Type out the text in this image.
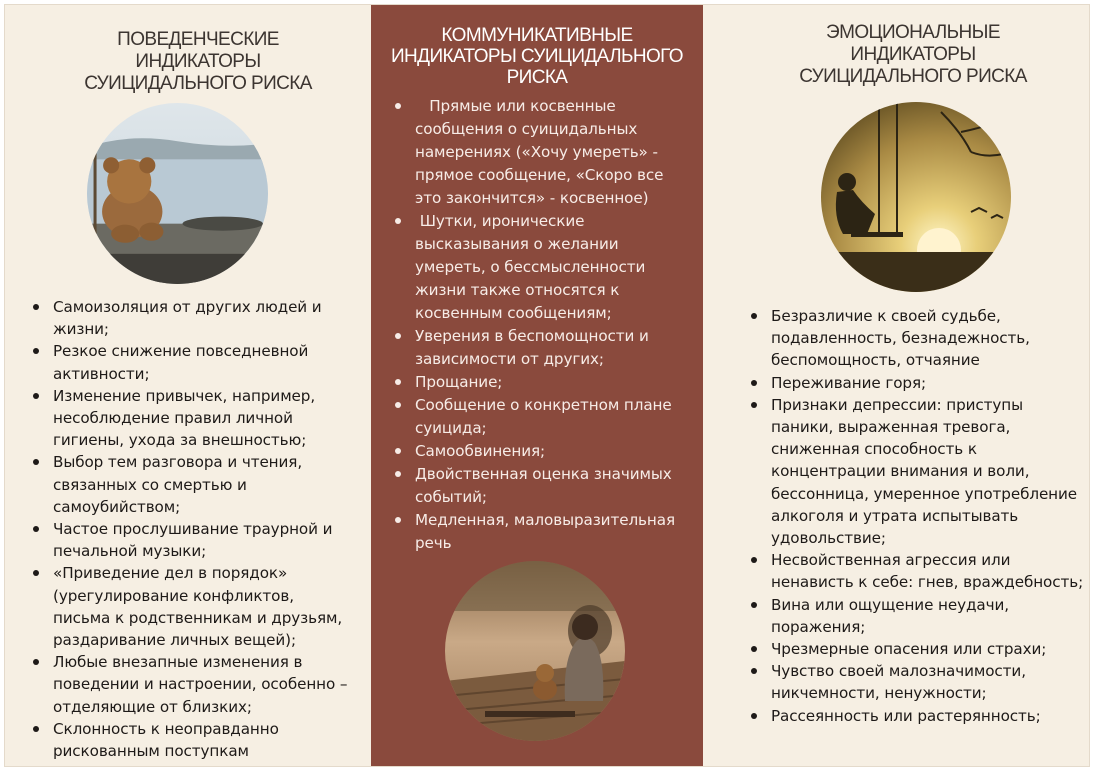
ПОВЕДЕНЧЕСКИЕ
ИНДИКАТОРЫ
СУИЦИДАЛЬНОГО РИСКА
Самоизоляция от других людей и жизни;
Резкое снижение повседневной активности;
Изменение привычек, например, несоблюдение правил личной гигиены, ухода за внешностью;
Выбор тем разговора и чтения, связанных со смертью и самоубийством;
Частое прослушивание траурной и печальной музыки;
«Приведение дел в порядок» (урегулирование конфликтов, письма к родственникам и друзьям, раздаривание личных вещей);
Любые внезапные изменения в поведении и настроении, особенно – отделяющие от близких;
Склонность к неоправданно рискованным поступкам
КОММУНИКАТИВНЫЕ
ИНДИКАТОРЫ СУИЦИДАЛЬНОГО
РИСКА
Прямые или косвенные сообщения о суицидальных намерениях («Хочу умереть» - прямое сообщение, «Скоро все это закончится» - косвенное)
Шутки, иронические высказывания о желании умереть, о бессмысленности жизни также относятся к косвенным сообщениям;
Уверения в беспомощности и зависимости от других;
Прощание;
Сообщение о конкретном плане суицида;
Самообвинения;
Двойственная оценка значимых событий;
Медленная, маловыразительная речь
ЭМОЦИОНАЛЬНЫЕ
ИНДИКАТОРЫ
СУИЦИДАЛЬНОГО РИСКА
Безразличие к своей судьбе, подавленность, безнадежность, беспомощность, отчаяние
Переживание горя;
Признаки депрессии: приступы паники, выраженная тревога, сниженная способность к концентрации внимания и воли, бессонница, умеренное употребление алкоголя и утрата испытывать удовольствие;
Несвойственная агрессия или ненависть к себе: гнев, враждебность;
Вина или ощущение неудачи, поражения;
Чрезмерные опасения или страхи;
Чувство своей малозначимости, никчемности, ненужности;
Рассеянность или растерянность;
